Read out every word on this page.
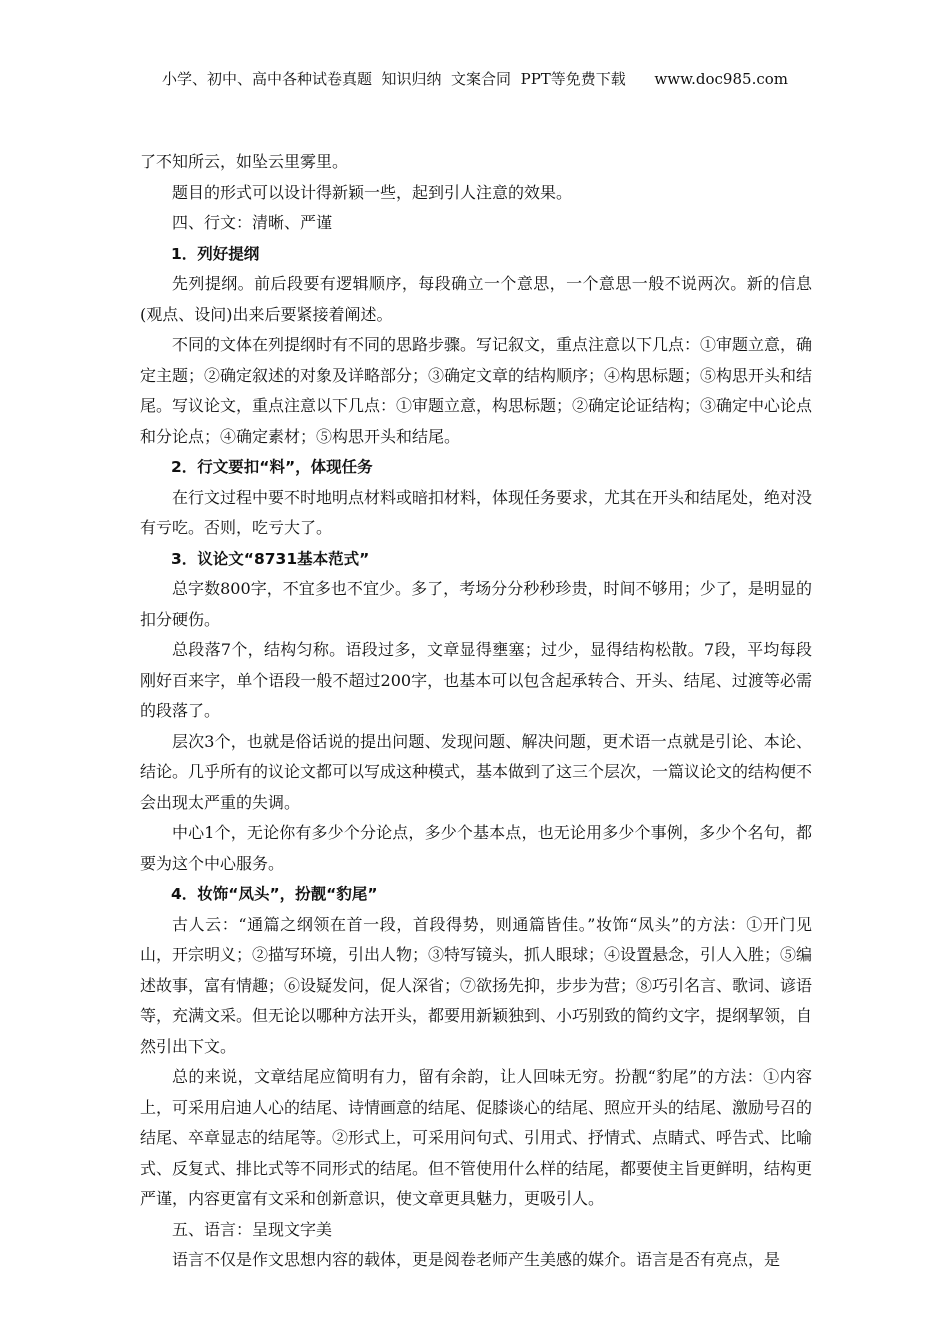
小学、初中、高中各种试卷真题  知识归纳  文案合同  PPT等免费下载      www.doc985.com

了不知所云，如坠云里雾里。

题目的形式可以设计得新颖一些，起到引人注意的效果。

四、行文：清晰、严谨

1．列好提纲

先列提纲。前后段要有逻辑顺序，每段确立一个意思，一个意思一般不说两次。新的信息(观点、设问)出来后要紧接着阐述。

不同的文体在列提纲时有不同的思路步骤。写记叙文，重点注意以下几点：①审题立意，确定主题；②确定叙述的对象及详略部分；③确定文章的结构顺序；④构思标题；⑤构思开头和结尾。写议论文，重点注意以下几点：①审题立意，构思标题；②确定论证结构；③确定中心论点和分论点；④确定素材；⑤构思开头和结尾。

2．行文要扣“料”，体现任务

在行文过程中要不时地明点材料或暗扣材料，体现任务要求，尤其在开头和结尾处，绝对没有亏吃。否则，吃亏大了。

3．议论文“8731基本范式”

总字数800字，不宜多也不宜少。多了，考场分分秒秒珍贵，时间不够用；少了，是明显的扣分硬伤。

总段落7个，结构匀称。语段过多，文章显得壅塞；过少，显得结构松散。7段，平均每段刚好百来字，单个语段一般不超过200字，也基本可以包含起承转合、开头、结尾、过渡等必需的段落了。

层次3个，也就是俗话说的提出问题、发现问题、解决问题，更术语一点就是引论、本论、结论。几乎所有的议论文都可以写成这种模式，基本做到了这三个层次，一篇议论文的结构便不会出现太严重的失调。

中心1个，无论你有多少个分论点，多少个基本点，也无论用多少个事例，多少个名句，都要为这个中心服务。

4．妆饰“凤头”，扮靓“豹尾”

古人云：“通篇之纲领在首一段，首段得势，则通篇皆佳。”妆饰“凤头”的方法：①开门见山，开宗明义；②描写环境，引出人物；③特写镜头，抓人眼球；④设置悬念，引人入胜；⑤编述故事，富有情趣；⑥设疑发问，促人深省；⑦欲扬先抑，步步为营；⑧巧引名言、歌词、谚语等，充满文采。但无论以哪种方法开头，都要用新颖独到、小巧别致的简约文字，提纲挈领，自然引出下文。

总的来说，文章结尾应简明有力，留有余韵，让人回味无穷。扮靓“豹尾”的方法：①内容上，可采用启迪人心的结尾、诗情画意的结尾、促膝谈心的结尾、照应开头的结尾、激励号召的结尾、卒章显志的结尾等。②形式上，可采用问句式、引用式、抒情式、点睛式、呼告式、比喻式、反复式、排比式等不同形式的结尾。但不管使用什么样的结尾，都要使主旨更鲜明，结构更严谨，内容更富有文采和创新意识，使文章更具魅力，更吸引人。

五、语言：呈现文字美

语言不仅是作文思想内容的载体，更是阅卷老师产生美感的媒介。语言是否有亮点，是
